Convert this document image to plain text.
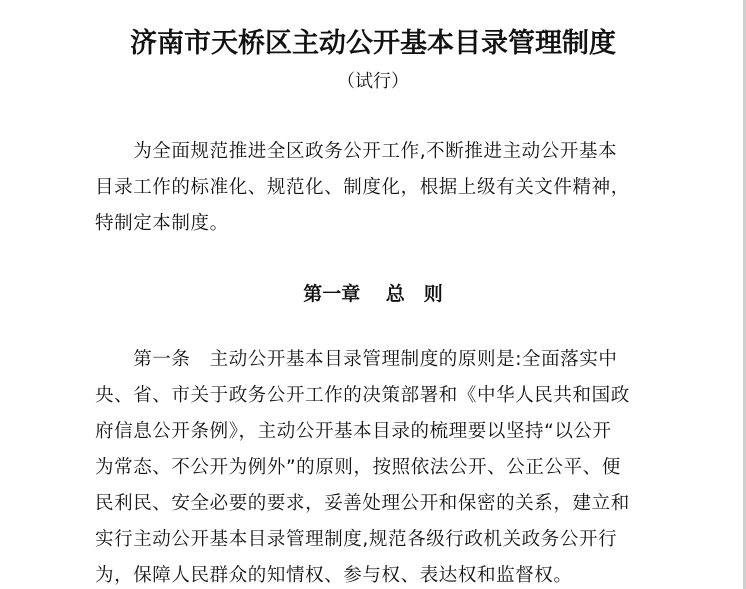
济南市天桥区主动公开基本目录管理制度
（试行）
　　为全面规范推进全区政务公开工作,不断推进主动公开基本
目录工作的标准化、规范化、制度化，根据上级有关文件精神，
特制定本制度。
第一章　 总　则
　　第一条　主动公开基本目录管理制度的原则是:全面落实中
央、省、市关于政务公开工作的决策部署和《中华人民共和国政
府信息公开条例》，主动公开基本目录的梳理要以坚持“以公开
为常态、不公开为例外”的原则，按照依法公开、公正公平、便
民利民、安全必要的要求，妥善处理公开和保密的关系，建立和
实行主动公开基本目录管理制度,规范各级行政机关政务公开行
为，保障人民群众的知情权、参与权、表达权和监督权。
